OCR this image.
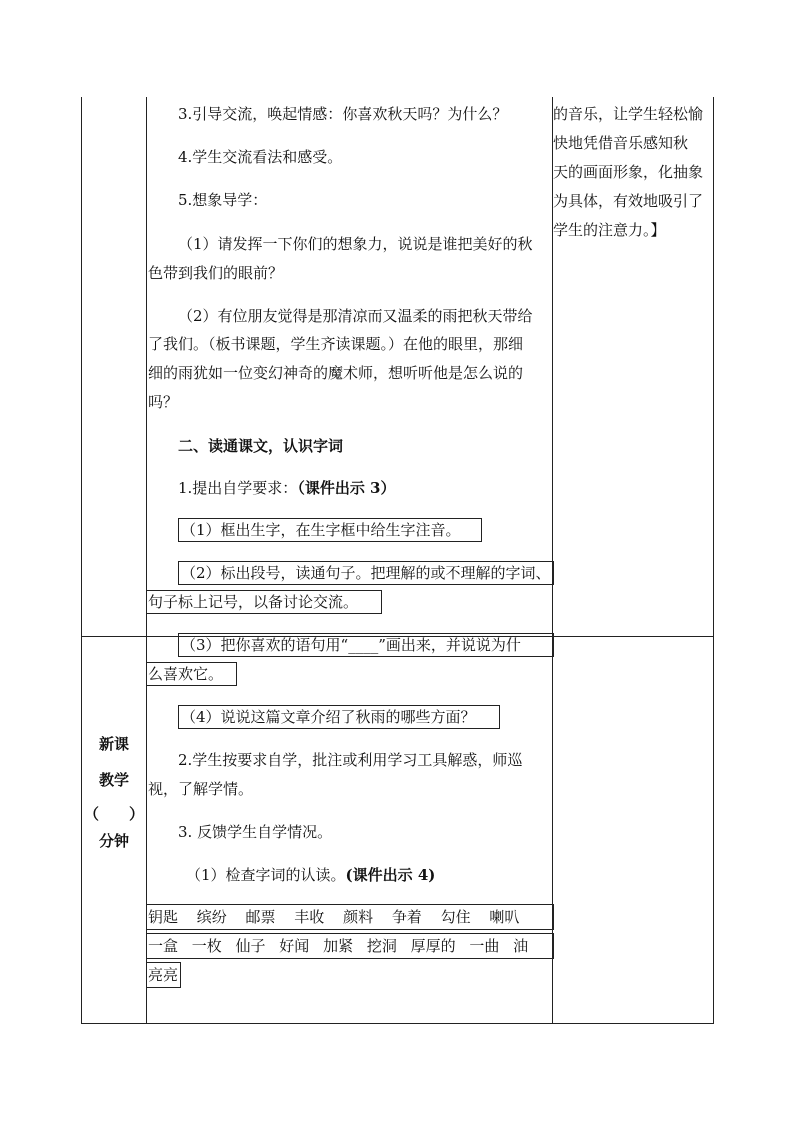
3.引导交流，唤起情感：你喜欢秋天吗？为什么？
4.学生交流看法和感受。
5.想象导学：
（1）请发挥一下你们的想象力，说说是谁把美好的秋
色带到我们的眼前？
（2）有位朋友觉得是那清凉而又温柔的雨把秋天带给
了我们。（板书课题，学生齐读课题。）在他的眼里，那细
细的雨犹如一位变幻神奇的魔术师，想听听他是怎么说的
吗？
二、读通课文，认识字词
1.提出自学要求：（课件出示 3）
（1）框出生字，在生字框中给生字注音。
（2）标出段号，读通句子。把理解的或不理解的字词、
句子标上记号，以备讨论交流。
（3）把你喜欢的语句用“____”画出来，并说说为什
么喜欢它。
（4）说说这篇文章介绍了秋雨的哪些方面？
2.学生按要求自学，批注或利用学习工具解惑，师巡
视，了解学情。
3. 反馈学生自学情况。
（1）检查字词的认读。(课件出示 4)
钥匙 缤纷 邮票 丰收 颜料 争着 勾住 喇叭
一盒 一枚 仙子 好闻 加紧 挖洞 厚厚的 一曲 油
亮亮
的音乐，让学生轻松愉
快地凭借音乐感知秋
天的画面形象，化抽象
为具体，有效地吸引了
学生的注意力。】
新课
教学
（　　）
分钟
